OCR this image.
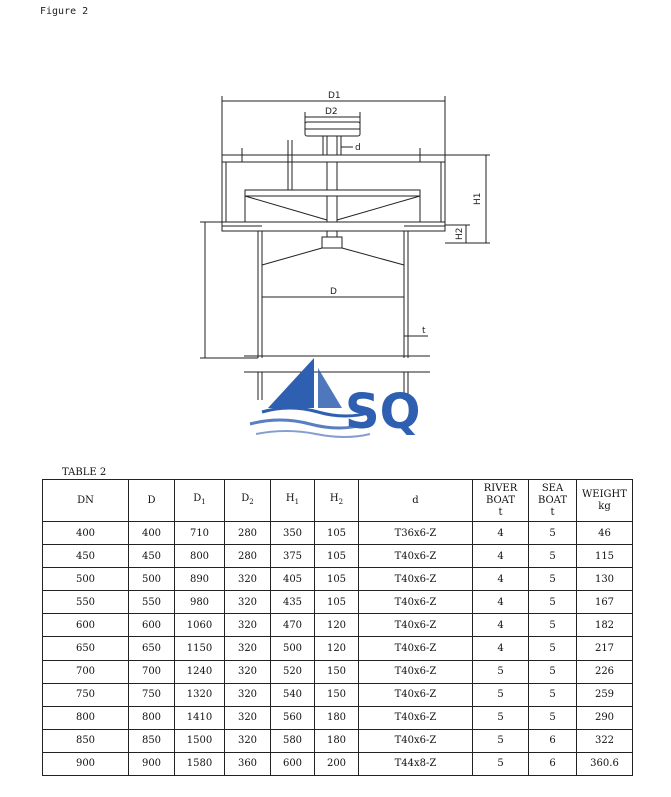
Figure 2
D1
D2
d
D
t
H1
H2
SQ
TABLE 2
DN	D	$D_1$	$D_2$	$H_1$	$H_2$	d	RIVER
BOAT
t	SEA
BOAT
t	WEIGHT
kg

400	400	710	280	350	105	T36x6-Z	4	5	46
450	450	800	280	375	105	T40x6-Z	4	5	115
500	500	890	320	405	105	T40x6-Z	4	5	130
550	550	980	320	435	105	T40x6-Z	4	5	167
600	600	1060	320	470	120	T40x6-Z	4	5	182
650	650	1150	320	500	120	T40x6-Z	4	5	217
700	700	1240	320	520	150	T40x6-Z	5	5	226
750	750	1320	320	540	150	T40x6-Z	5	5	259
800	800	1410	320	560	180	T40x6-Z	5	5	290
850	850	1500	320	580	180	T40x6-Z	5	6	322
900	900	1580	360	600	200	T44x8-Z	5	6	360.6
